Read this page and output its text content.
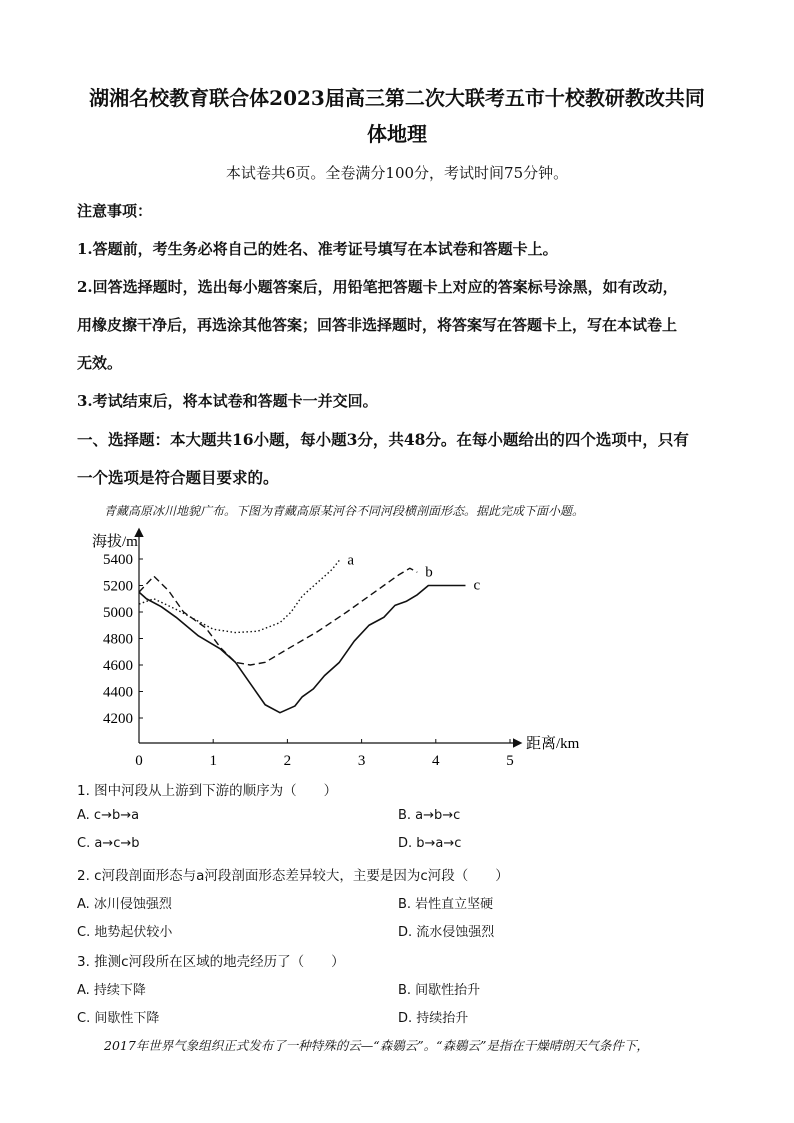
湖湘名校教育联合体2023届高三第二次大联考五市十校教研教改共同
体地理
本试卷共6页。全卷满分100分，考试时间75分钟。
注意事项：
1.答题前，考生务必将自己的姓名、准考证号填写在本试卷和答题卡上。
2.回答选择题时，选出每小题答案后，用铅笔把答题卡上对应的答案标号涂黑，如有改动，
用橡皮擦干净后，再选涂其他答案；回答非选择题时，将答案写在答题卡上，写在本试卷上
无效。
3.考试结束后，将本试卷和答题卡一并交回。
一、选择题：本大题共16小题，每小题3分，共48分。在每小题给出的四个选项中，只有
一个选项是符合题目要求的。
青藏高原冰川地貌广布。下图为青藏高原某河谷不同河段横剖面形态。据此完成下面小题。
海拔/m
距离/km
4200
4400
4600
4800
5000
5200
5400
0	1	2	3	4	5
a
b
c
1. 图中河段从上游到下游的顺序为（　　）
A. c→b→a	B. a→b→c
C. a→c→b	D. b→a→c
2. c河段剖面形态与a河段剖面形态差异较大，主要是因为c河段（　　）
A. 冰川侵蚀强烈	B. 岩性直立坚硬
C. 地势起伏较小	D. 流水侵蚀强烈
3. 推测c河段所在区域的地壳经历了（　　）
A. 持续下降	B. 间歇性抬升
C. 间歇性下降	D. 持续抬升
2017年世界气象组织正式发布了一种特殊的云—“森鷃云”。“森鷃云”是指在干燥晴朗天气条件下，
